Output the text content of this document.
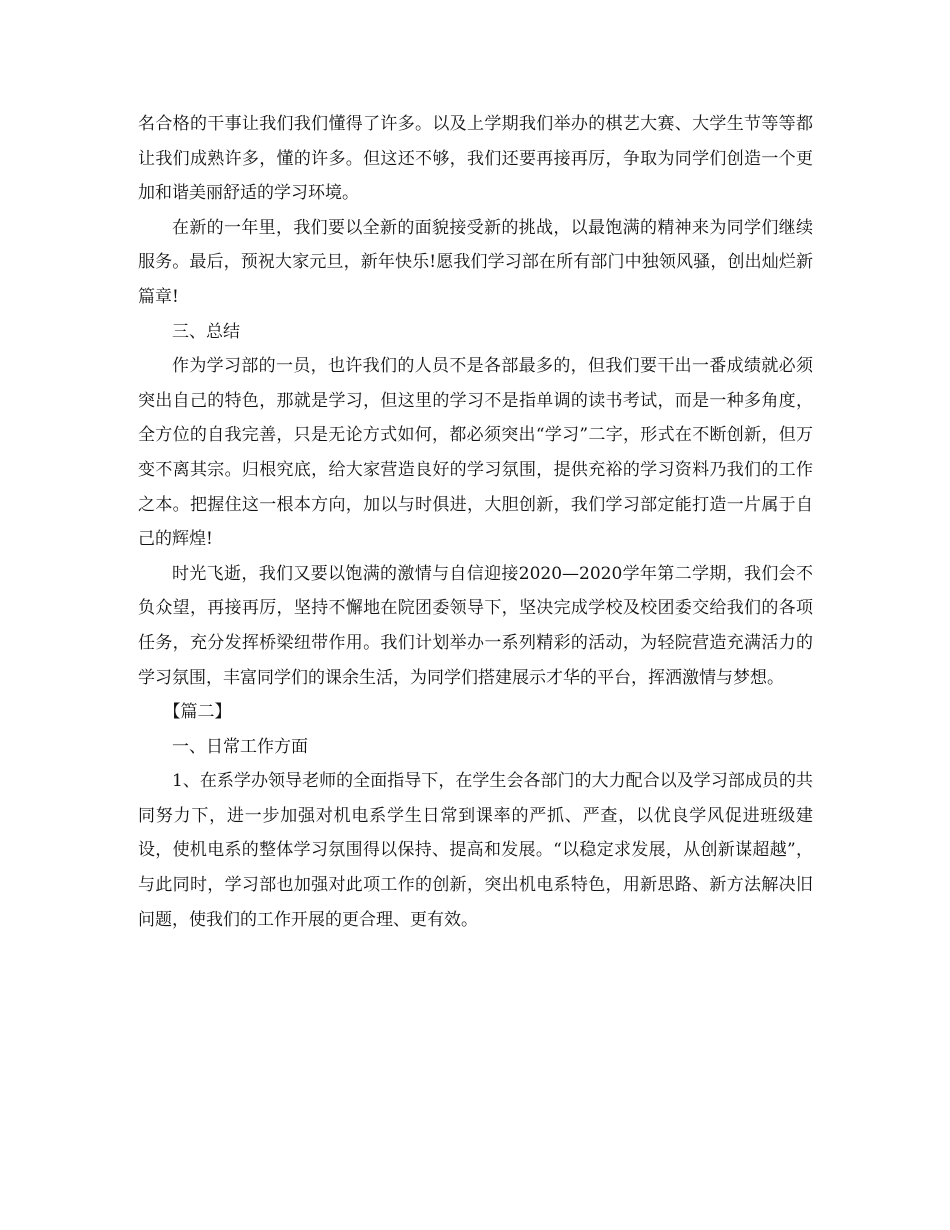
名合格的干事让我们我们懂得了许多。以及上学期我们举办的棋艺大赛、大学生节等等都让我们成熟许多，懂的许多。但这还不够，我们还要再接再厉，争取为同学们创造一个更加和谐美丽舒适的学习环境。

在新的一年里，我们要以全新的面貌接受新的挑战，以最饱满的精神来为同学们继续服务。最后，预祝大家元旦，新年快乐!愿我们学习部在所有部门中独领风骚，创出灿烂新篇章!

三、总结

作为学习部的一员，也许我们的人员不是各部最多的，但我们要干出一番成绩就必须突出自己的特色，那就是学习，但这里的学习不是指单调的读书考试，而是一种多角度，全方位的自我完善，只是无论方式如何，都必须突出“学习”二字，形式在不断创新，但万变不离其宗。归根究底，给大家营造良好的学习氛围，提供充裕的学习资料乃我们的工作之本。把握住这一根本方向，加以与时俱进，大胆创新，我们学习部定能打造一片属于自己的辉煌!

时光飞逝，我们又要以饱满的激情与自信迎接2020—2020学年第二学期，我们会不负众望，再接再厉，坚持不懈地在院团委领导下，坚决完成学校及校团委交给我们的各项任务，充分发挥桥梁纽带作用。我们计划举办一系列精彩的活动，为轻院营造充满活力的学习氛围，丰富同学们的课余生活，为同学们搭建展示才华的平台，挥洒激情与梦想。

【篇二】

一、日常工作方面

1、在系学办领导老师的全面指导下，在学生会各部门的大力配合以及学习部成员的共同努力下，进一步加强对机电系学生日常到课率的严抓、严查，以优良学风促进班级建设，使机电系的整体学习氛围得以保持、提高和发展。“以稳定求发展，从创新谋超越”，与此同时，学习部也加强对此项工作的创新，突出机电系特色，用新思路、新方法解决旧问题，使我们的工作开展的更合理、更有效。
